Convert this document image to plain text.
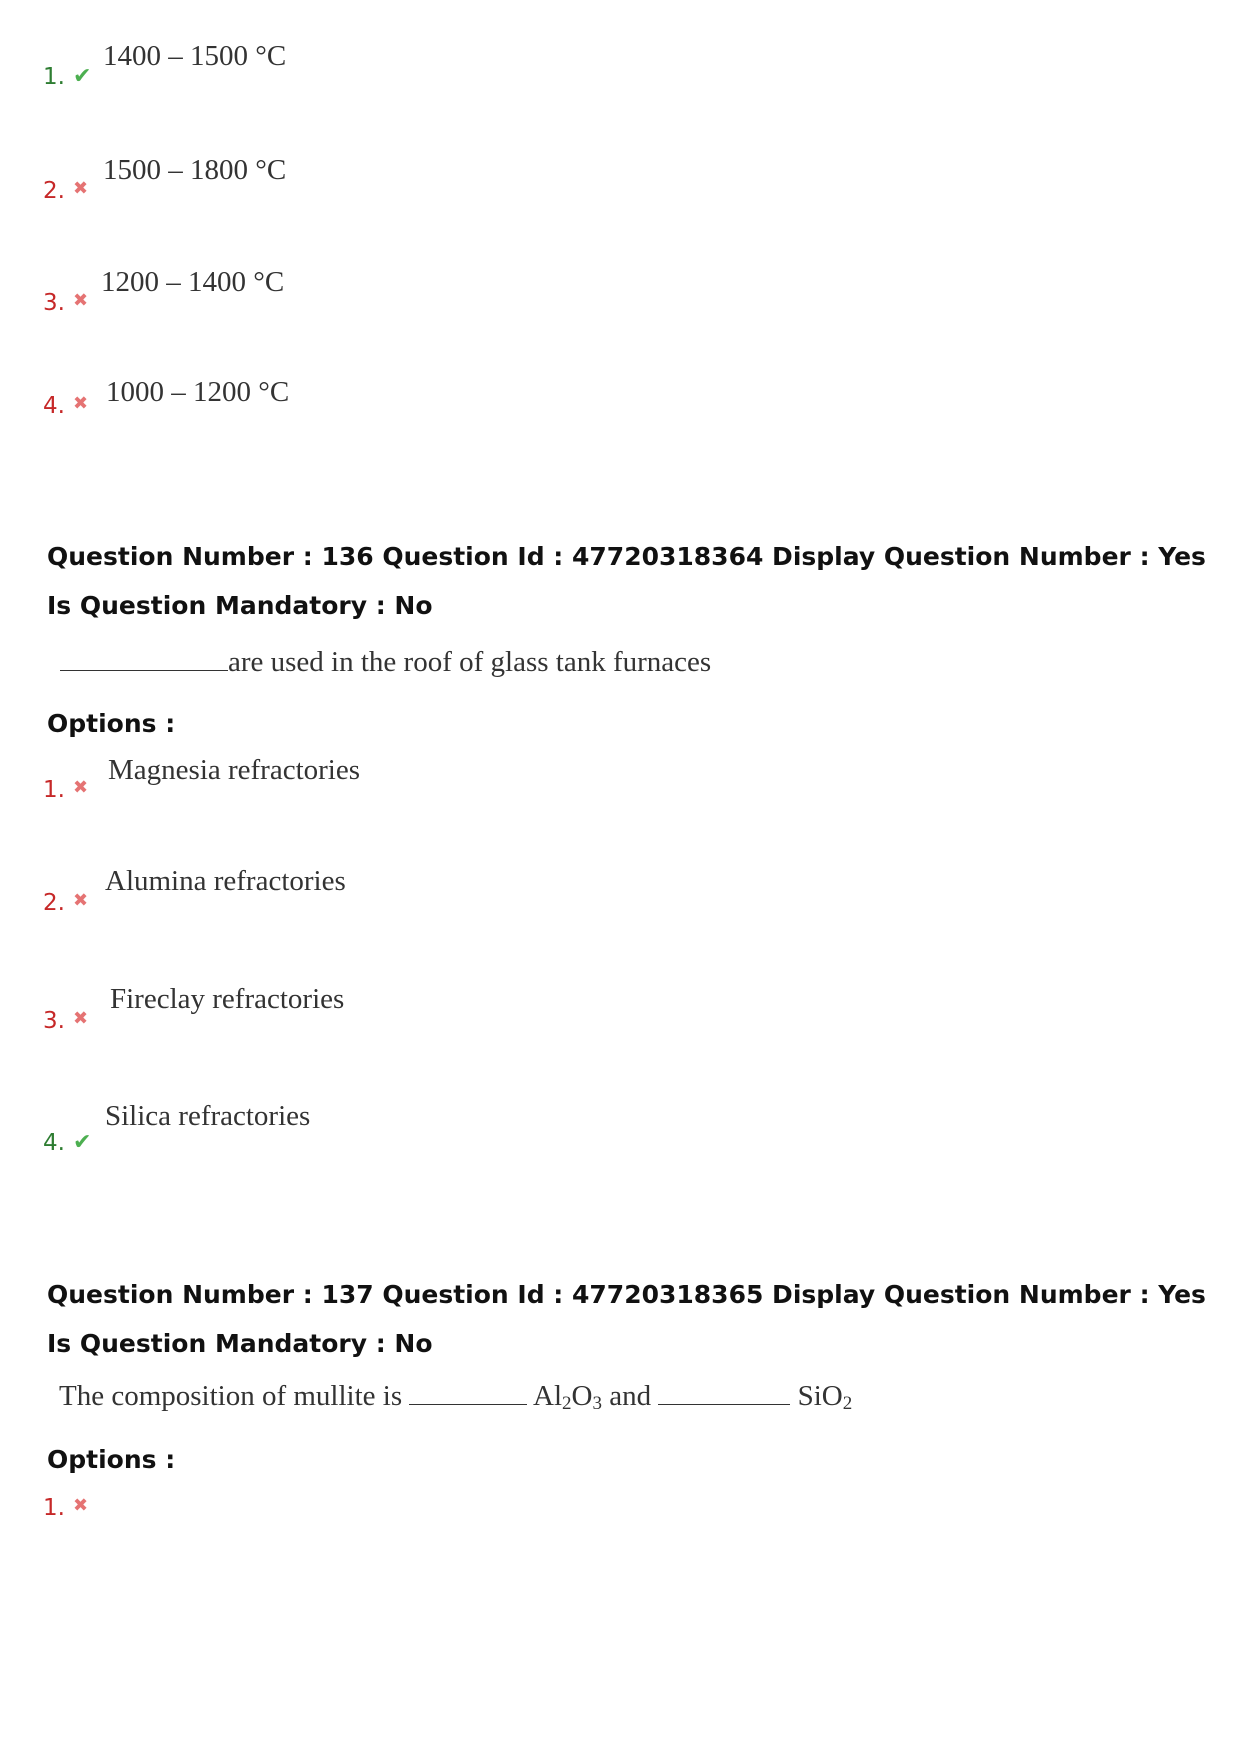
1. ✔
1400 – 1500 °C
2. ✖
1500 – 1800 °C
3. ✖
1200 – 1400 °C
4. ✖ 1000 – 1200 °C
Question Number : 136 Question Id : 47720318364 Display Question Number : Yes Is Question Mandatory : No
are used in the roof of glass tank furnaces
Options :
1. ✖
Magnesia refractories
2. ✖
Alumina refractories
3. ✖
Fireclay refractories
4. ✔
Silica refractories
Question Number : 137 Question Id : 47720318365 Display Question Number : Yes Is Question Mandatory : No
The composition of mullite is	$Al_2O_3$ and	SiO$_2$
Options :
1. ✖
